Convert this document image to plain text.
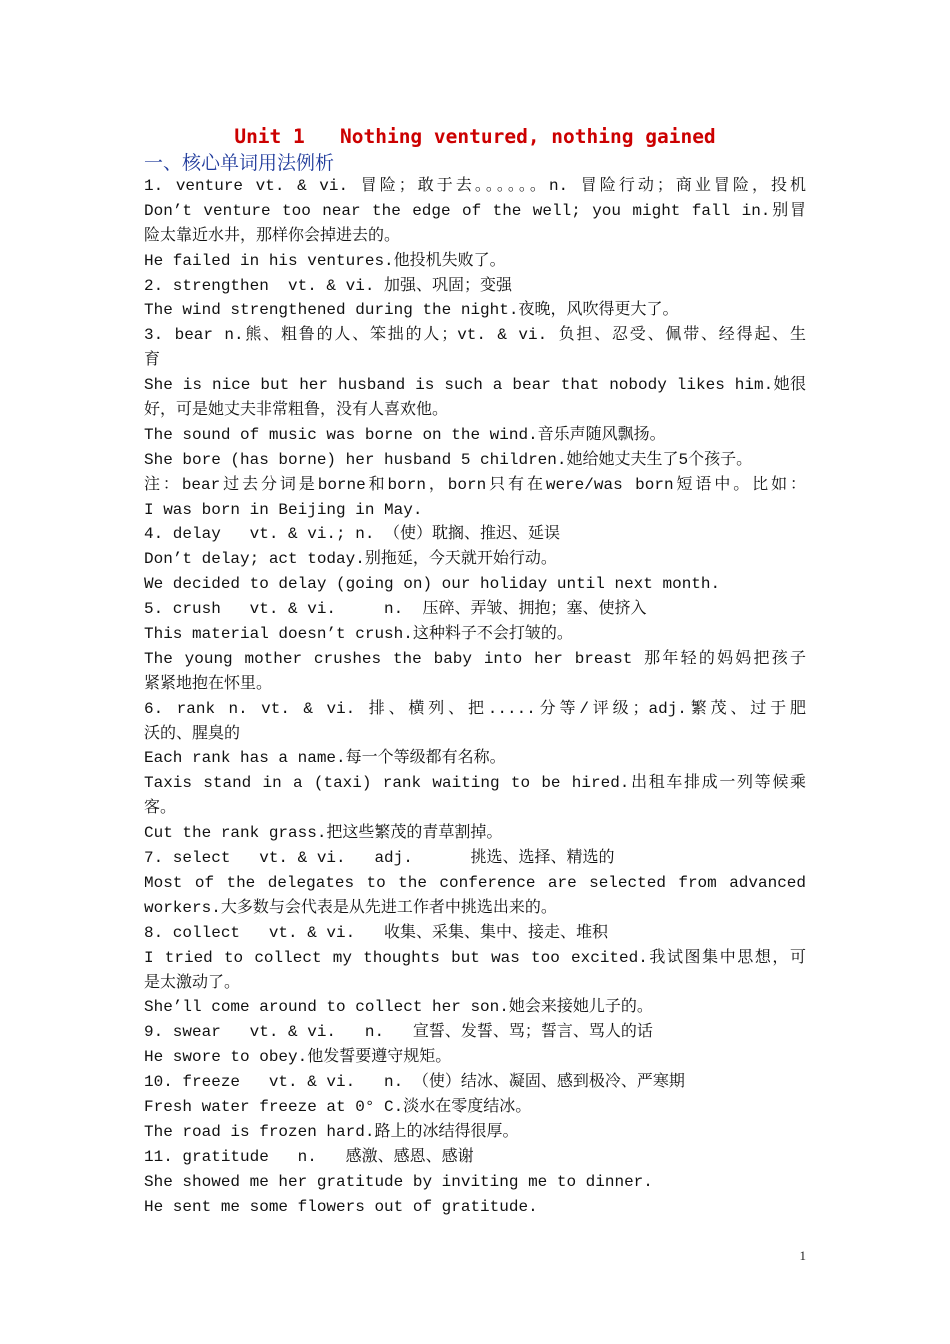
Unit 1   Nothing ventured, nothing gained
一、核心单词用法例析
1. venture vt. & vi. 冒险；敢于去。。。。。。n. 冒险行动；商业冒险，投机
Don’t venture too near the edge of the well; you might fall in.别冒
险太靠近水井，那样你会掉进去的。
He failed in his ventures.他投机失败了。
2. strengthen  vt. & vi. 加强、巩固；变强
The wind strengthened during the night.夜晚，风吹得更大了。
3. bear n.熊、粗鲁的人、笨拙的人；vt. & vi. 负担、忍受、佩带、经得起、生
育
She is nice but her husband is such a bear that nobody likes him.她很
好，可是她丈夫非常粗鲁，没有人喜欢他。
The sound of music was borne on the wind.音乐声随风飘扬。
She bore (has borne) her husband 5 children.她给她丈夫生了5个孩子。
注：bear过去分词是borne和born，born只有在were/was born短语中。比如：
I was born in Beijing in May.
4. delay   vt. & vi.; n. （使）耽搁、推迟、延误
Don’t delay; act today.别拖延，今天就开始行动。
We decided to delay (going on) our holiday until next month.
5. crush   vt. & vi.     n.  压碎、弄皱、拥抱；塞、使挤入
This material doesn’t crush.这种料子不会打皱的。
The young mother crushes the baby into her breast 那年轻的妈妈把孩子
紧紧地抱在怀里。
6. rank n. vt. & vi. 排、横列、把.....分等/评级；adj.繁茂、过于肥
沃的、腥臭的
Each rank has a name.每一个等级都有名称。
Taxis stand in a (taxi) rank waiting to be hired.出租车排成一列等候乘
客。
Cut the rank grass.把这些繁茂的青草割掉。
7. select   vt. & vi.   adj.      挑选、选择、精选的
Most of the delegates to the conference are selected from advanced
workers.大多数与会代表是从先进工作者中挑选出来的。
8. collect   vt. & vi.   收集、采集、集中、接走、堆积
I tried to collect my thoughts but was too excited.我试图集中思想，可
是太激动了。
She’ll come around to collect her son.她会来接她儿子的。
9. swear   vt. & vi.   n.   宣誓、发誓、骂；誓言、骂人的话
He swore to obey.他发誓要遵守规矩。
10. freeze   vt. & vi.   n. （使）结冰、凝固、感到极冷、严寒期
Fresh water freeze at 0° C.淡水在零度结冰。
The road is frozen hard.路上的冰结得很厚。
11. gratitude   n.   感激、感恩、感谢
She showed me her gratitude by inviting me to dinner.
He sent me some flowers out of gratitude.
1
